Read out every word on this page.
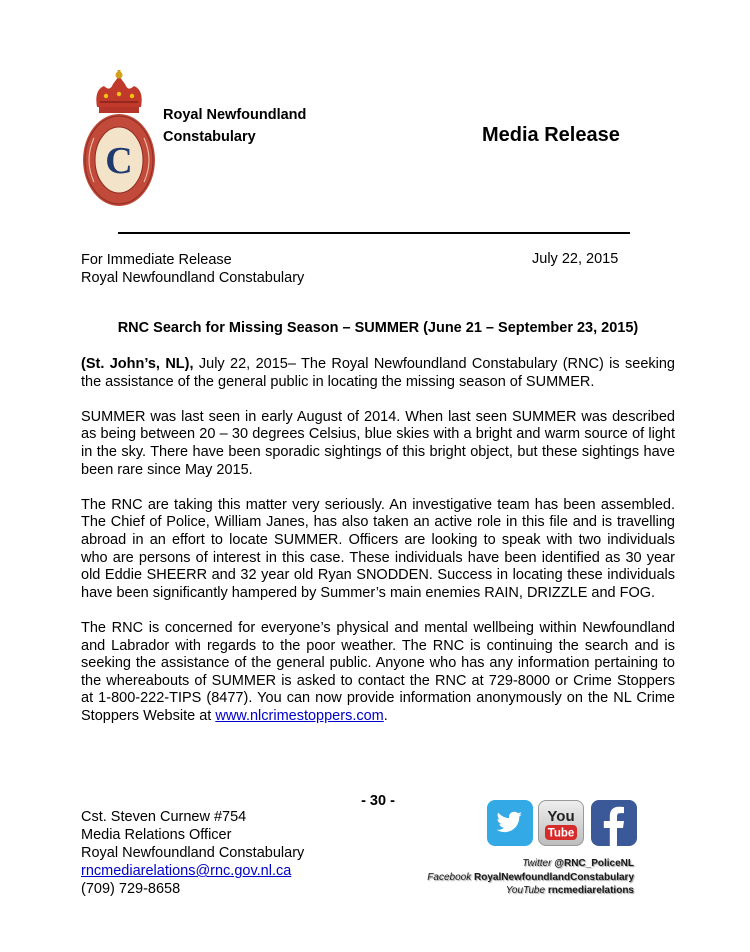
C
Royal Newfoundland
Constabulary	Media Release
For Immediate Release
Royal Newfoundland Constabulary
July 22, 2015
RNC Search for Missing Season – SUMMER (June 21 – September 23, 2015)

(St. John’s, NL), July 22, 2015– The Royal Newfoundland Constabulary (RNC) is seeking the assistance of the general public in locating the missing season of SUMMER.

SUMMER was last seen in early August of 2014. When last seen SUMMER was described as being between 20 – 30 degrees Celsius, blue skies with a bright and warm source of light in the sky. There have been sporadic sightings of this bright object, but these sightings have been rare since May 2015.

The RNC are taking this matter very seriously. An investigative team has been assembled. The Chief of Police, William Janes, has also taken an active role in this file and is travelling abroad in an effort to locate SUMMER. Officers are looking to speak with two individuals who are persons of interest in this case. These individuals have been identified as 30 year old Eddie SHEERR and 32 year old Ryan SNODDEN. Success in locating these individuals have been significantly hampered by Summer’s main enemies RAIN, DRIZZLE and FOG.

The RNC is concerned for everyone’s physical and mental wellbeing within Newfoundland and Labrador with regards to the poor weather. The RNC is continuing the search and is seeking the assistance of the general public. Anyone who has any information pertaining to the whereabouts of SUMMER is asked to contact the RNC at 729-8000 or Crime Stoppers at 1-800-222-TIPS (8477). You can now provide information anonymously on the NL Crime Stoppers Website at www.nlcrimestoppers.com.

- 30 -
Cst. Steven Curnew #754
Media Relations Officer
Royal Newfoundland Constabulary
rncmediarelations@rnc.gov.nl.ca
(709) 729-8658
You
Tube
Twitter @RNC_PoliceNL
Facebook RoyalNewfoundlandConstabulary
YouTube rncmediarelations
